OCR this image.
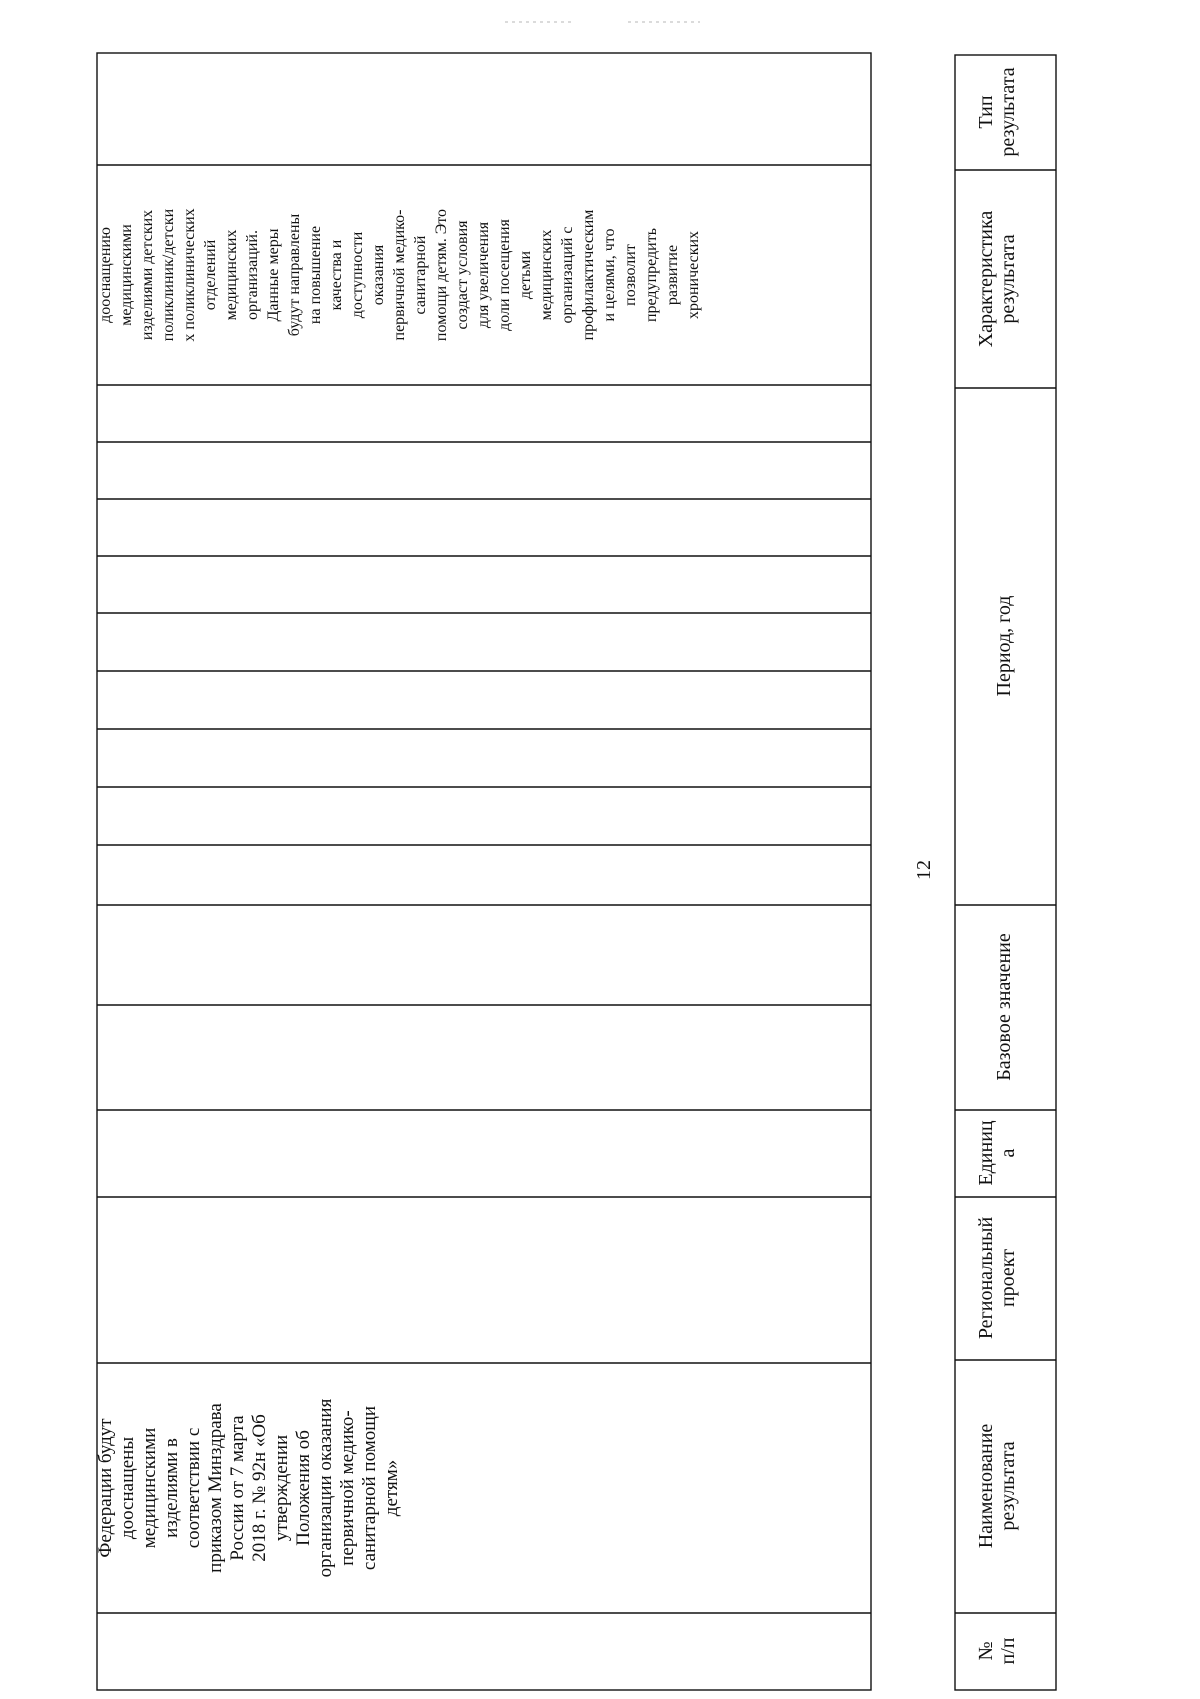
Федерации будут дооснащены медицинскими изделиями в соответствии с приказом Минздрава России от 7 марта 2018 г. № 92н «Об утверждении Положения об организации оказания первичной медико- санитарной помощи детям»
дооснащению медицинскими изделиями детских поликлиник/детски х поликлинических отделений медицинских организаций. Данные меры будут направлены на повышение качества и доступности оказания первичной медико- санитарной помощи детям. Это создаст условия для увеличения доли посещения детьми медицинских организаций с профилактическим и целями, что позволит предупредить развитие хронических
12
№ п/п
Наименование результата
Региональный проект
Единиц а
Базовое значение
Период, год
Характеристика результата
Тип результата
